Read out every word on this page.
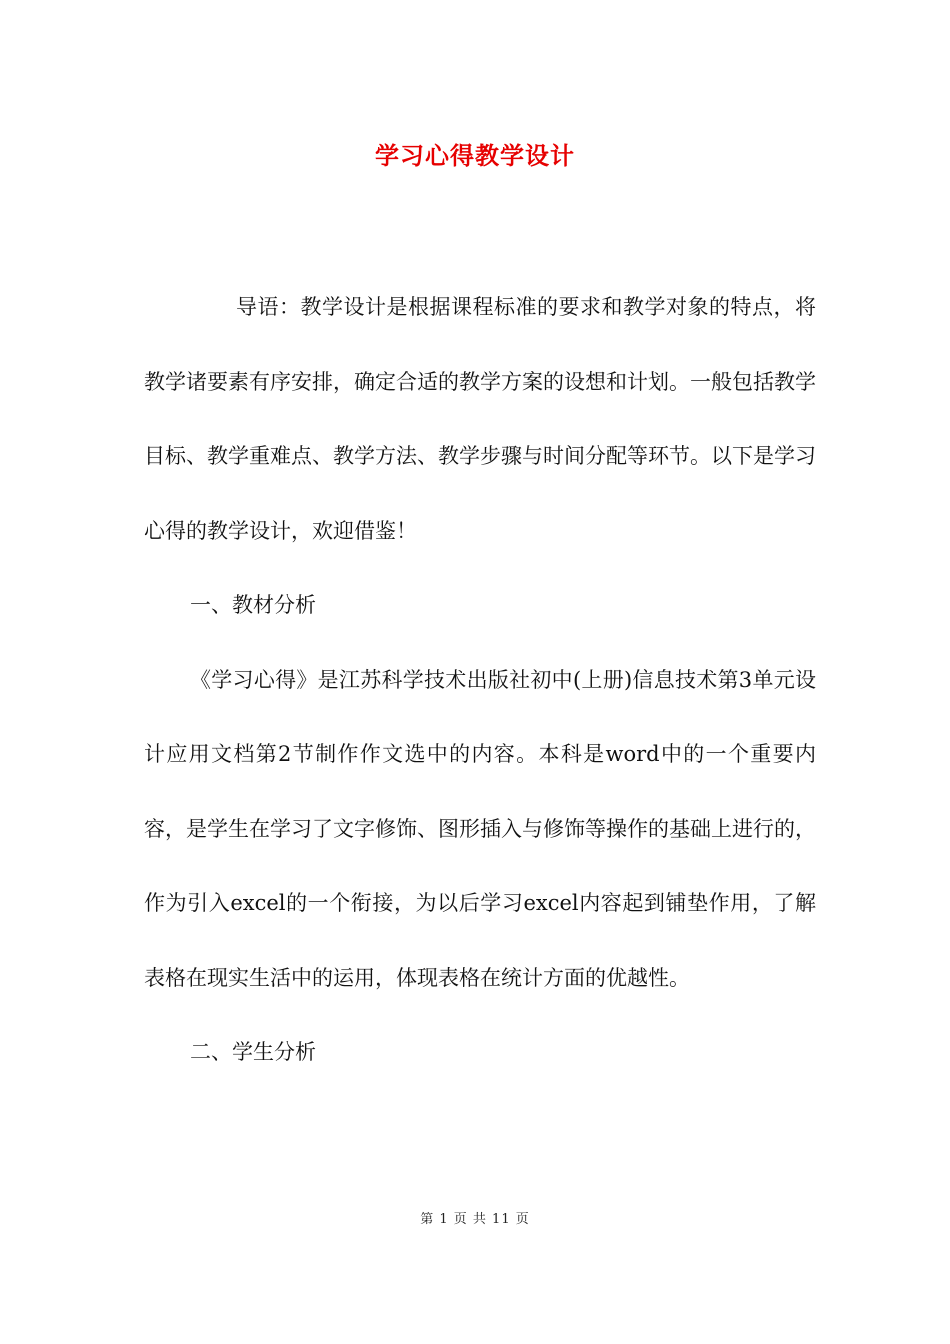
学习心得教学设计

导语：教学设计是根据课程标准的要求和教学对象的特点，将教学诸要素有序安排，确定合适的教学方案的设想和计划。一般包括教学目标、教学重难点、教学方法、教学步骤与时间分配等环节。以下是学习心得的教学设计，欢迎借鉴！

一、教材分析

《学习心得》是江苏科学技术出版社初中(上册)信息技术第3单元设计应用文档第2节制作作文选中的内容。本科是word中的一个重要内容，是学生在学习了文字修饰、图形插入与修饰等操作的基础上进行的，作为引入excel的一个衔接，为以后学习excel内容起到铺垫作用，了解表格在现实生活中的运用，体现表格在统计方面的优越性。

二、学生分析

第 1 页 共 11 页
